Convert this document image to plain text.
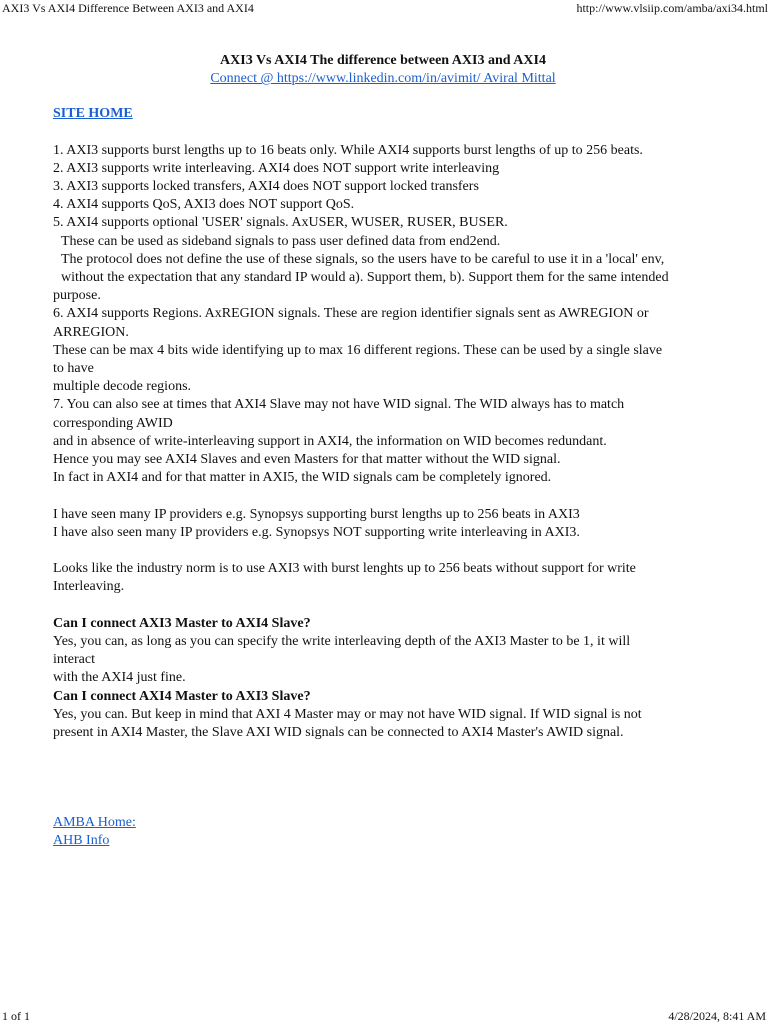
AXI3 Vs AXI4 Difference Between AXI3 and AXI4	http://www.vlsiip.com/amba/axi34.html
AXI3 Vs AXI4 The difference between AXI3 and AXI4
Connect @ https://www.linkedin.com/in/avimit/ Aviral Mittal
SITE HOME
1. AXI3 supports burst lengths up to 16 beats only. While AXI4 supports burst lengths of up to 256 beats.
2. AXI3 supports write interleaving. AXI4 does NOT support write interleaving
3. AXI3 supports locked transfers, AXI4 does NOT support locked transfers
4. AXI4 supports QoS, AXI3 does NOT support QoS.
5. AXI4 supports optional 'USER' signals. AxUSER, WUSER, RUSER, BUSER.
These can be used as sideband signals to pass user defined data from end2end.
The protocol does not define the use of these signals, so the users have to be careful to use it in a 'local' env,
without the expectation that any standard IP would a). Support them, b). Support them for the same intended
purpose.
6. AXI4 supports Regions. AxREGION signals. These are region identifier signals sent as AWREGION or
ARREGION.
These can be max 4 bits wide identifying up to max 16 different regions. These can be used by a single slave
to have
multiple decode regions.
7. You can also see at times that AXI4 Slave may not have WID signal. The WID always has to match
corresponding AWID
and in absence of write-interleaving support in AXI4, the information on WID becomes redundant.
Hence you may see AXI4 Slaves and even Masters for that matter without the WID signal.
In fact in AXI4 and for that matter in AXI5, the WID signals cam be completely ignored.
I have seen many IP providers e.g. Synopsys supporting burst lengths up to 256 beats in AXI3
I have also seen many IP providers e.g. Synopsys NOT supporting write interleaving in AXI3.
Looks like the industry norm is to use AXI3 with burst lenghts up to 256 beats without support for write
Interleaving.
Can I connect AXI3 Master to AXI4 Slave?
Yes, you can, as long as you can specify the write interleaving depth of the AXI3 Master to be 1, it will
interact
with the AXI4 just fine.
Can I connect AXI4 Master to AXI3 Slave?
Yes, you can. But keep in mind that AXI 4 Master may or may not have WID signal. If WID signal is not
present in AXI4 Master, the Slave AXI WID signals can be connected to AXI4 Master's AWID signal.
AMBA Home:
AHB Info
1 of 1	4/28/2024, 8:41 AM
